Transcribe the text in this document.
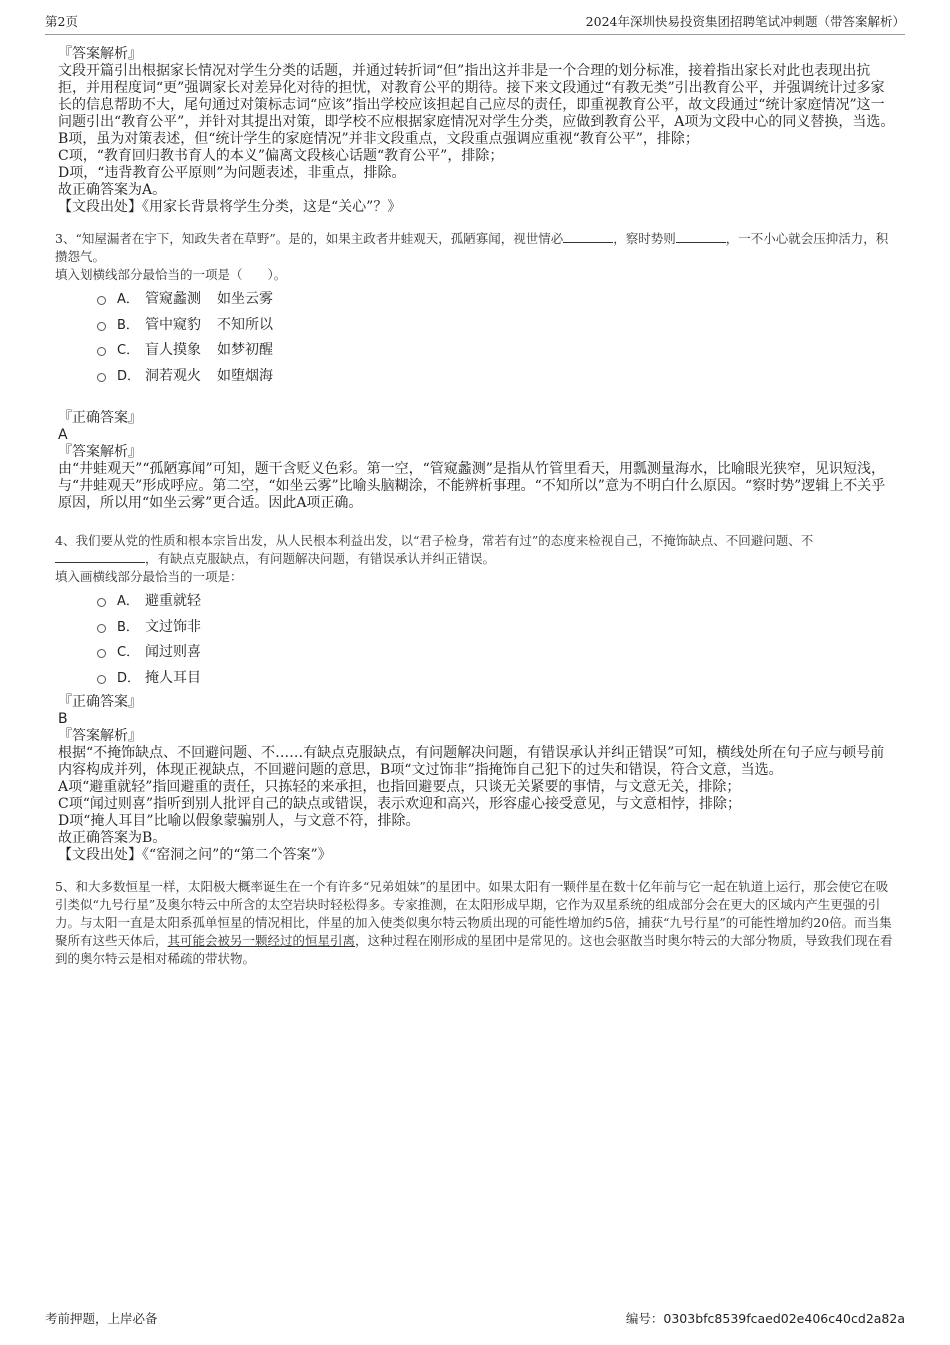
第2页	2024年深圳快易投资集团招聘笔试冲刺题（带答案解析）

『答案解析』

文段开篇引出根据家长情况对学生分类的话题，并通过转折词“但”指出这并非是一个合理的划分标准，接着指出家长对此也表现出抗拒，并用程度词“更”强调家长对差异化对待的担忧，对教育公平的期待。接下来文段通过“有教无类”引出教育公平，并强调统计过多家长的信息帮助不大，尾句通过对策标志词“应该”指出学校应该担起自己应尽的责任，即重视教育公平，故文段通过“统计家庭情况”这一问题引出“教育公平”，并针对其提出对策，即学校不应根据家庭情况对学生分类，应做到教育公平，A项为文段中心的同义替换，当选。

B项，虽为对策表述，但“统计学生的家庭情况”并非文段重点，文段重点强调应重视“教育公平”，排除；

C项，“教育回归教书育人的本义”偏离文段核心话题“教育公平”，排除；

D项，“违背教育公平原则”为问题表述，非重点，排除。

故正确答案为A。

【文段出处】《用家长背景将学生分类，这是“关心”？》

3、“知屋漏者在宇下，知政失者在草野”。是的，如果主政者井蛙观天，孤陋寡闻，视世情必	，察时势则	，一不小心就会压抑活力，积攒怨气。

填入划横线部分最恰当的一项是（　　）。

A． 管窥蠡测 如坐云雾
B． 管中窥豹 不知所以
C． 盲人摸象 如梦初醒
D． 洞若观火 如堕烟海

『正确答案』

A

『答案解析』

由“井蛙观天”“孤陋寡闻”可知，题干含贬义色彩。第一空，“管窥蠡测”是指从竹管里看天，用瓢测量海水，比喻眼光狭窄，见识短浅，与“井蛙观天”形成呼应。第二空，“如坐云雾”比喻头脑糊涂，不能辨析事理。“不知所以”意为不明白什么原因。“察时势”逻辑上不关乎原因，所以用“如坐云雾”更合适。因此A项正确。

4、我们要从党的性质和根本宗旨出发，从人民根本利益出发，以“君子检身，常若有过”的态度来检视自己，不掩饰缺点、不回避问题、不，有缺点克服缺点，有问题解决问题，有错误承认并纠正错误。

填入画横线部分最恰当的一项是：

A． 避重就轻
B． 文过饰非
C． 闻过则喜
D． 掩人耳目

『正确答案』

B

『答案解析』

根据“不掩饰缺点、不回避问题、不……有缺点克服缺点，有问题解决问题，有错误承认并纠正错误”可知，横线处所在句子应与顿号前内容构成并列，体现正视缺点，不回避问题的意思，B项“文过饰非”指掩饰自己犯下的过失和错误，符合文意，当选。

A项“避重就轻”指回避重的责任，只拣轻的来承担，也指回避要点，只谈无关紧要的事情，与文意无关，排除；

C项“闻过则喜”指听到别人批评自己的缺点或错误，表示欢迎和高兴，形容虚心接受意见，与文意相悖，排除；

D项“掩人耳目”比喻以假象蒙骗别人，与文意不符，排除。

故正确答案为B。

【文段出处】《“窑洞之问”的“第二个答案”》

5、和大多数恒星一样，太阳极大概率诞生在一个有许多“兄弟姐妹”的星团中。如果太阳有一颗伴星在数十亿年前与它一起在轨道上运行，那会使它在吸引类似“九号行星”及奥尔特云中所含的太空岩块时轻松得多。专家推测，在太阳形成早期，它作为双星系统的组成部分会在更大的区域内产生更强的引力。与太阳一直是太阳系孤单恒星的情况相比，伴星的加入使类似奥尔特云物质出现的可能性增加约5倍，捕获“九号行星”的可能性增加约20倍。而当集聚所有这些天体后，其可能会被另一颗经过的恒星引离，这种过程在刚形成的星团中是常见的。这也会驱散当时奥尔特云的大部分物质，导致我们现在看到的奥尔特云是相对稀疏的带状物。

考前押题，上岸必备	编号：0303bfc8539fcaed02e406c40cd2a82a
